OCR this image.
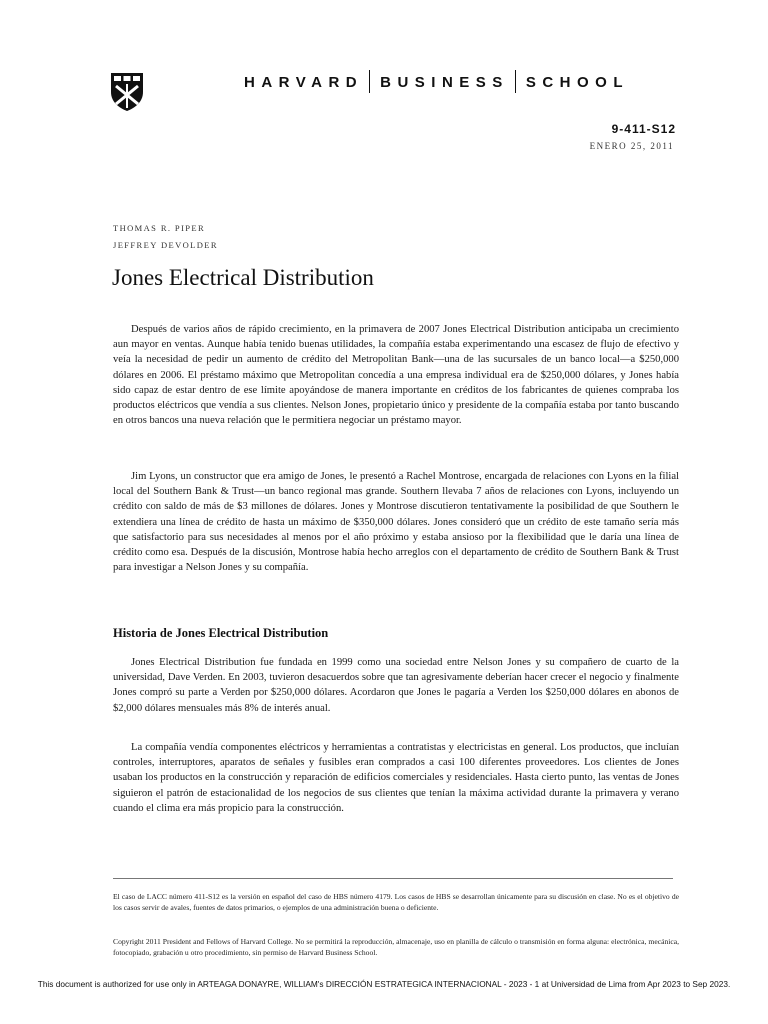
HARVARD BUSINESS SCHOOL
9-411-S12
ENERO 25, 2011
THOMAS R. PIPER
JEFFREY DEVOLDER
Jones Electrical Distribution

Después de varios años de rápido crecimiento, en la primavera de 2007 Jones Electrical Distribution anticipaba un crecimiento aun mayor en ventas. Aunque había tenido buenas utilidades, la compañía estaba experimentando una escasez de flujo de efectivo y veía la necesidad de pedir un aumento de crédito del Metropolitan Bank—una de las sucursales de un banco local—a $250,000 dólares en 2006. El préstamo máximo que Metropolitan concedía a una empresa individual era de $250,000 dólares, y Jones había sido capaz de estar dentro de ese límite apoyándose de manera importante en créditos de los fabricantes de quienes compraba los productos eléctricos que vendía a sus clientes. Nelson Jones, propietario único y presidente de la compañía estaba por tanto buscando en otros bancos una nueva relación que le permitiera negociar un préstamo mayor.

Jim Lyons, un constructor que era amigo de Jones, le presentó a Rachel Montrose, encargada de relaciones con Lyons en la filial local del Southern Bank & Trust—un banco regional mas grande. Southern llevaba 7 años de relaciones con Lyons, incluyendo un crédito con saldo de más de $3 millones de dólares. Jones y Montrose discutieron tentativamente la posibilidad de que Southern le extendiera una línea de crédito de hasta un máximo de $350,000 dólares. Jones consideró que un crédito de este tamaño sería más que satisfactorio para sus necesidades al menos por el año próximo y estaba ansioso por la flexibilidad que le daría una línea de crédito como esa. Después de la discusión, Montrose había hecho arreglos con el departamento de crédito de Southern Bank & Trust para investigar a Nelson Jones y su compañía.

Historia de Jones Electrical Distribution

Jones Electrical Distribution fue fundada en 1999 como una sociedad entre Nelson Jones y su compañero de cuarto de la universidad, Dave Verden. En 2003, tuvieron desacuerdos sobre que tan agresivamente deberían hacer crecer el negocio y finalmente Jones compró su parte a Verden por $250,000 dólares. Acordaron que Jones le pagaría a Verden los $250,000 dólares en abonos de $2,000 dólares mensuales más 8% de interés anual.

La compañía vendía componentes eléctricos y herramientas a contratistas y electricistas en general. Los productos, que incluían controles, interruptores, aparatos de señales y fusibles eran comprados a casi 100 diferentes proveedores. Los clientes de Jones usaban los productos en la construcción y reparación de edificios comerciales y residenciales. Hasta cierto punto, las ventas de Jones siguieron el patrón de estacionalidad de los negocios de sus clientes que tenían la máxima actividad durante la primavera y verano cuando el clima era más propicio para la construcción.

El caso de LACC número 411-S12 es la versión en español del caso de HBS número 4179. Los casos de HBS se desarrollan únicamente para su discusión en clase. No es el objetivo de los casos servir de avales, fuentes de datos primarios, o ejemplos de una administración buena o deficiente.

Copyright 2011 President and Fellows of Harvard College. No se permitirá la reproducción, almacenaje, uso en planilla de cálculo o transmisión en forma alguna: electrónica, mecánica, fotocopiado, grabación u otro procedimiento, sin permiso de Harvard Business School.

This document is authorized for use only in ARTEAGA DONAYRE, WILLIAM's DIRECCIÓN ESTRATEGICA INTERNACIONAL - 2023 - 1 at Universidad de Lima from Apr 2023 to Sep 2023.
